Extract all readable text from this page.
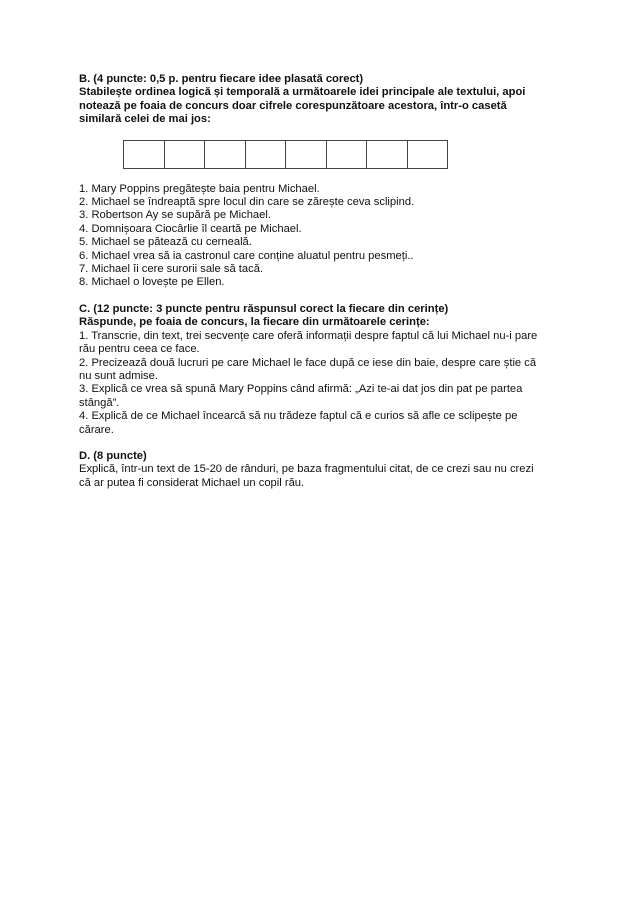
B. (4 puncte: 0,5 p. pentru fiecare idee plasată corect)
Stabilește ordinea logică și temporală a următoarele idei principale ale textului, apoi
notează pe foaia de concurs doar cifrele corespunzătoare acestora, într-o casetă
similară celei de mai jos:
1. Mary Poppins pregătește baia pentru Michael.
2. Michael se îndreaptă spre locul din care se zărește ceva sclipind.
3. Robertson Ay se supără pe Michael.
4. Domnișoara Ciocârlie îl ceartă pe Michael.
5. Michael se pătează cu cerneală.
6. Michael vrea să ia castronul care conține aluatul pentru pesmeți..
7. Michael îi cere surorii sale să tacă.
8. Michael o lovește pe Ellen.
C. (12 puncte: 3 puncte pentru răspunsul corect la fiecare din cerințe)
Răspunde, pe foaia de concurs, la fiecare din următoarele cerințe:
1. Transcrie, din text, trei secvențe care oferă informații despre faptul că lui Michael nu-i pare
rău pentru ceea ce face.
2. Precizează două lucruri pe care Michael le face după ce iese din baie, despre care știe că
nu sunt admise.
3. Explică ce vrea să spună Mary Poppins când afirmă: „Azi te-ai dat jos din pat pe partea
stângă”.
4. Explică de ce Michael încearcă să nu trădeze faptul că e curios să afle ce sclipește pe
cărare.
D. (8 puncte)
Explică, într-un text de 15-20 de rânduri, pe baza fragmentului citat, de ce crezi sau nu crezi
că ar putea fi considerat Michael un copil rău.
